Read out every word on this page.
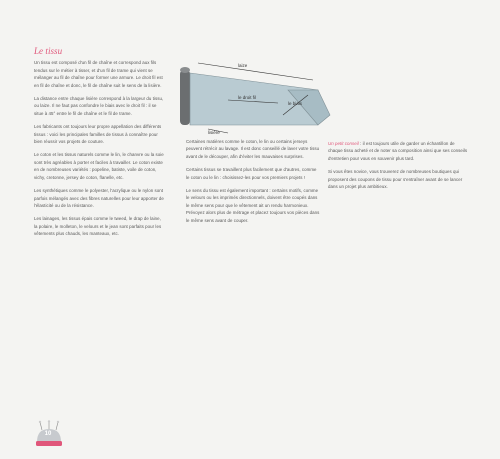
Le tissu

Un tissu est composé d'un fil de chaîne et correspond aux fils tendus sur le métier à tisser, et d'un fil de trame qui vient se mélanger au fil de chaîne pour former une armure. Le droit fil est en fil de chaîne et donc, le fil de chaîne suit le sens de la lisière.

La distance entre chaque lisière correspond à la largeur du tissu, ou laize. Il ne faut pas confondre le biais avec le droit fil : il se situe à 45° entre le fil de chaîne et le fil de trame.

Les fabricants ont toujours leur propre appellation des différents tissus : voici les principales familles de tissus à connaître pour bien réussir vos projets de couture.

Le coton et les tissus naturels comme le lin, le chanvre ou la soie sont très agréables à porter et faciles à travailler. Le coton existe en de nombreuses variétés : popeline, batiste, voile de coton, vichy, cretonne, jersey de coton, flanelle, etc.

Les synthétiques comme le polyester, l'acrylique ou le nylon sont parfois mélangés avec des fibres naturelles pour leur apporter de l'élasticité ou de la résistance.

Les lainages, les tissus épais comme le tweed, le drap de laine, la polaire, le molleton, le velours et le jean sont parfaits pour les vêtements plus chauds, les manteaux, etc.

laize
le droit fil
le biais
lisière

Certaines matières comme le coton, le lin ou certains jerseys peuvent rétrécir au lavage. Il est donc conseillé de laver votre tissu avant de le découper, afin d'éviter les mauvaises surprises.

Certains tissus se travaillent plus facilement que d'autres, comme le coton ou le lin : choisissez-les pour vos premiers projets !

Le sens du tissu est également important : certains motifs, comme le velours ou les imprimés directionnels, doivent être coupés dans le même sens pour que le vêtement ait un rendu harmonieux. Prévoyez alors plus de métrage et placez toujours vos pièces dans le même sens avant de couper.

Un petit conseil : il est toujours utile de garder un échantillon de chaque tissu acheté et de noter sa composition ainsi que ses conseils d'entretien pour vous en souvenir plus tard.

Si vous êtes novice, vous trouverez de nombreuses boutiques qui proposent des coupons de tissu pour s'entraîner avant de se lancer dans un projet plus ambitieux.

10
